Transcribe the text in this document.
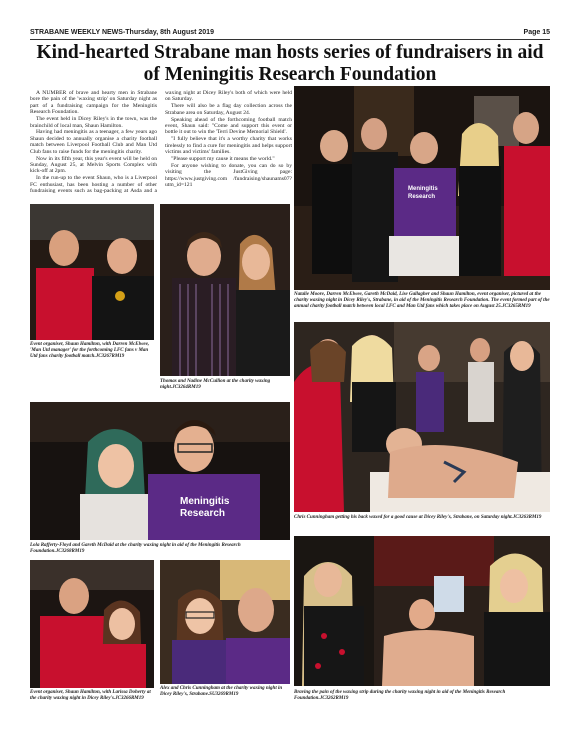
STRABANE WEEKLY NEWS-Thursday, 8th August 2019	Page 15
Kind-hearted Strabane man hosts series of fundraisers in aid of Meningitis Research Foundation

A NUMBER of brave and hearty men in Strabane bore the pain of the 'waxing strip' on Saturday night as part of a fundraising campaign for the Meningitis Research Foundation.

The event held in Dicey Riley's in the town, was the brainchild of local man, Shaun Hamilton.

Having had meningitis as a teenager, a few years ago Shaun decided to annually organise a charity football match between Liverpool Football Club and Man Utd Club fans to raise funds for the meningitis charity.

Now in its fifth year, this year's event will be held on Sunday, August 25, at Melvin Sports Complex with kick-off at 2pm.

In the run-up to the event Shaun, who is a Liverpool FC enthusiast, has been hosting a number of other fundraising events such as bag-packing at Asda and a waxing night at Dicey Riley's both of which were held on Saturday.

There will also be a flag day collection across the Strabane area on Saturday, August 24.

Speaking ahead of the forthcoming football match event, Shaun said: "Come and support this event or bottle it out to win the 'Terri Devine Memorial Shield'.

"I fully believe that it's a worthy charity that works tirelessly to find a cure for meningitis and helps support victims and victims' families.

"Please support my cause it means the world."

For anyone wishing to donate, you can do so by visiting the JustGiving page: https://www.justgiving.com /fundraising/shaunams07?utm_id=121

Meningitis
Research
Natalie Moore, Darren McElwee, Gareth McDaid, Lise Gallagher and Shaun Hamilton, event organiser, pictured at the charity waxing night in Dicey Riley's, Strabane, in aid of the Meningitis Research Foundation. The event formed part of the annual charity football match between local LFC and Man Utd fans which takes place on August 25.JC3265RM19
Event organiser, Shaun Hamilton, with Darren McElwee, 'Man Utd manager' for the forthcoming LFC fans v Man Utd fans charity football match.JC3267RM19
Thomas and Nadine McCullion at the charity waxing night.JC3264RM19
Chris Cunningham getting his back waxed for a good cause at Dicey Riley's, Strabane, on Saturday night.JC3263RM19
Meningitis
Research
Lola Rafferty-Floyd and Gareth McDaid at the charity waxing night in aid of the Meningitis Research Foundation.JC3268RM19
Event organiser, Shaun Hamilton, with Larissa Doherty at the charity waxing night in Dicey Riley's.JC3266RM19
Alex and Chris Cunningham at the charity waxing night in Dicey Riley's, Strabane.SU3269RM19	Braving the pain of the waxing strip during the charity waxing night in aid of the Meningitis Research Foundation.JC3262RM19
